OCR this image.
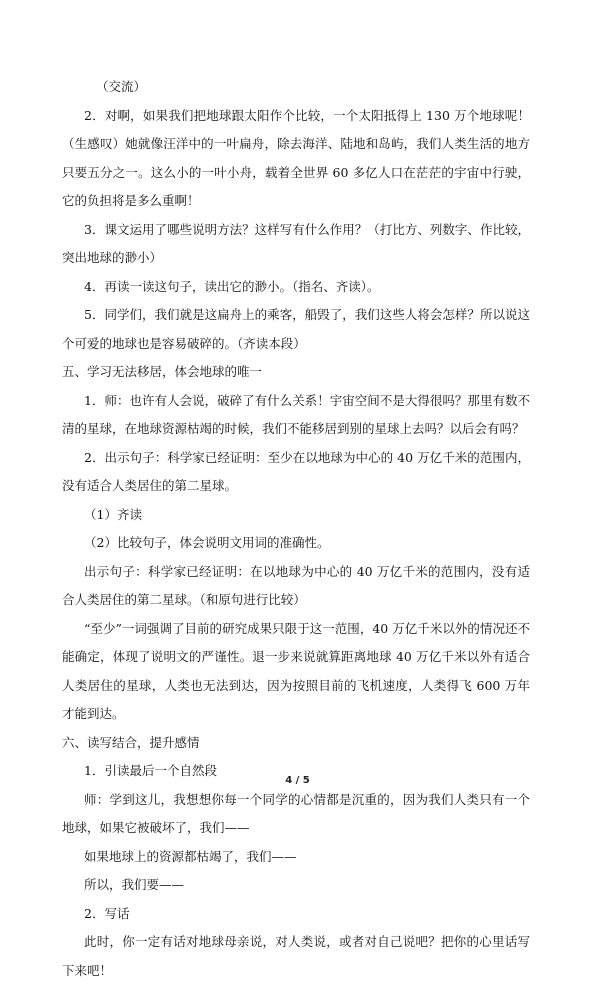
（交流）

2．对啊，如果我们把地球跟太阳作个比较，一个太阳抵得上 130 万个地球呢！（生感叹）她就像汪洋中的一叶扁舟，除去海洋、陆地和岛屿，我们人类生活的地方只要五分之一。这么小的一叶小舟，载着全世界 60 多亿人口在茫茫的宇宙中行驶，它的负担将是多么重啊！

3．课文运用了哪些说明方法？这样写有什么作用？（打比方、列数字、作比较，突出地球的渺小）

4．再读一读这句子，读出它的渺小。（指名、齐读）。

5．同学们，我们就是这扁舟上的乘客，船毁了，我们这些人将会怎样？所以说这个可爱的地球也是容易破碎的。（齐读本段）

五、学习无法移居，体会地球的唯一

1．师：也许有人会说，破碎了有什么关系！宇宙空间不是大得很吗？那里有数不清的星球，在地球资源枯竭的时候，我们不能移居到别的星球上去吗？以后会有吗？

2．出示句子：科学家已经证明：至少在以地球为中心的 40 万亿千米的范围内，没有适合人类居住的第二星球。

（1）齐读

（2）比较句子，体会说明文用词的准确性。

出示句子：科学家已经证明：在以地球为中心的 40 万亿千米的范围内，没有适合人类居住的第二星球。（和原句进行比较）

“至少”一词强调了目前的研究成果只限于这一范围，40 万亿千米以外的情况还不能确定，体现了说明文的严谨性。退一步来说就算距离地球 40 万亿千米以外有适合人类居住的星球，人类也无法到达，因为按照目前的飞机速度，人类得飞 600 万年才能到达。

六、读写结合，提升感情

1．引读最后一个自然段

师：学到这儿，我想想你每一个同学的心情都是沉重的，因为我们人类只有一个地球，如果它被破坏了，我们——

如果地球上的资源都枯竭了，我们——

所以，我们要——

2．写话

此时，你一定有话对地球母亲说，对人类说，或者对自己说吧？把你的心里话写下来吧！

4 / 5
